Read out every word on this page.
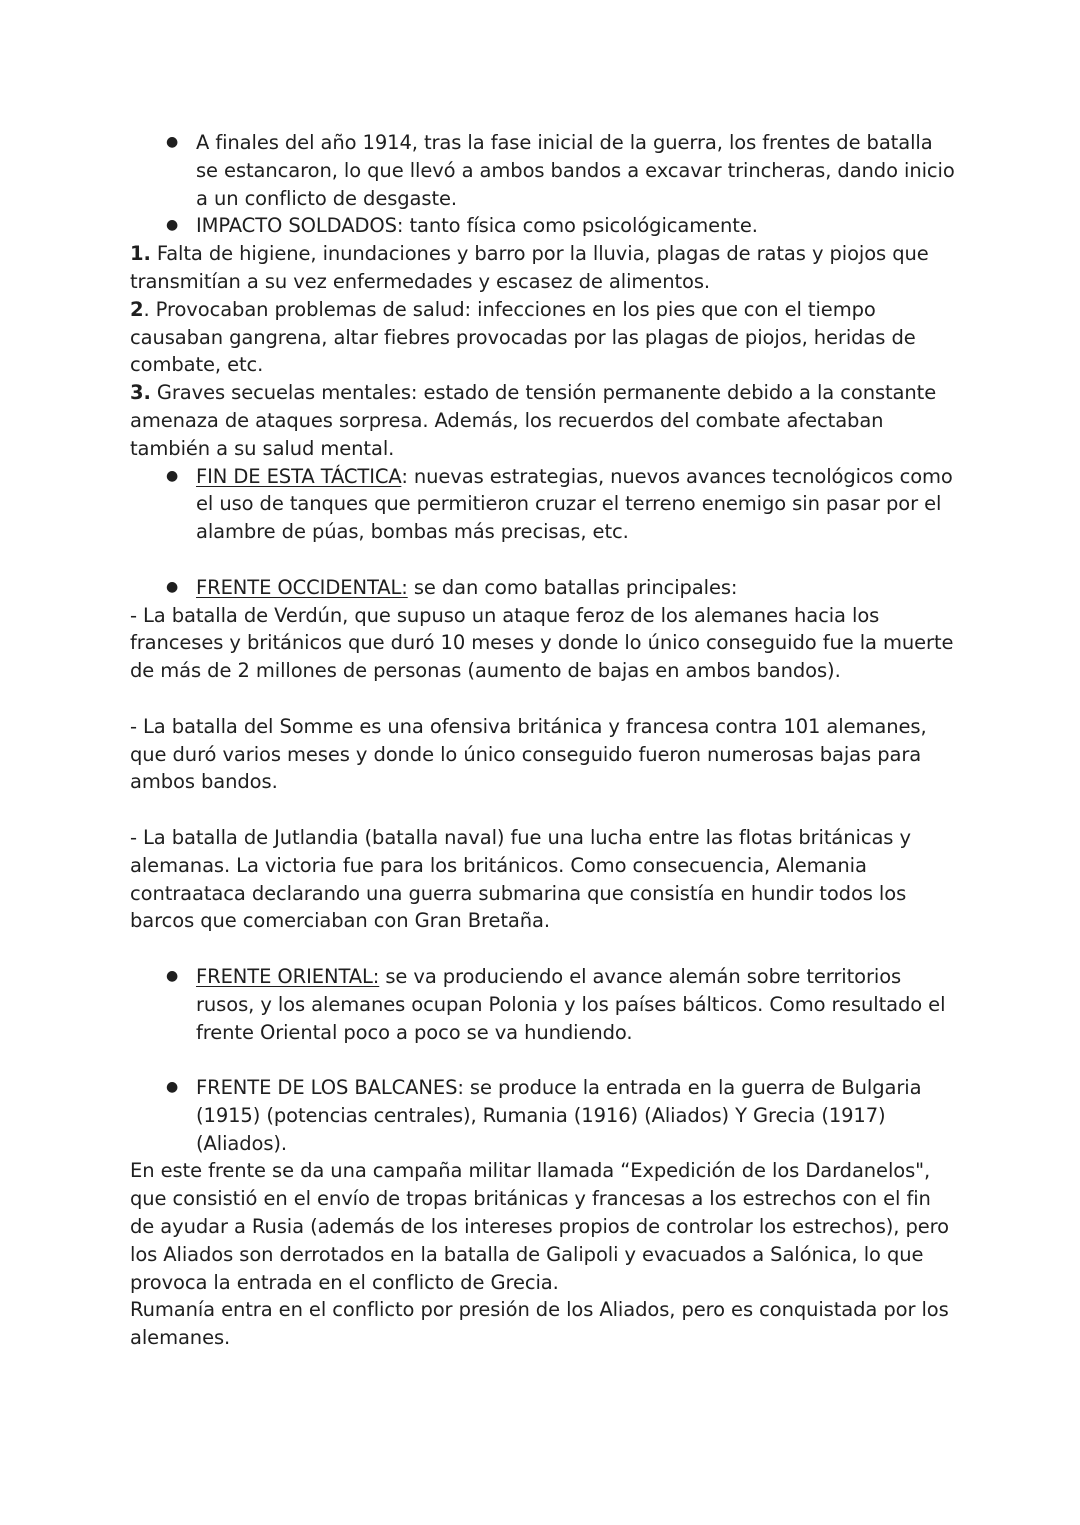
● A finales del año 1914, tras la fase inicial de la guerra, los frentes de batalla se estancaron, lo que llevó a ambos bandos a excavar trincheras, dando inicio a un conflicto de desgaste.

● IMPACTO SOLDADOS: tanto física como psicológicamente.

1. Falta de higiene, inundaciones y barro por la lluvia, plagas de ratas y piojos que transmitían a su vez enfermedades y escasez de alimentos.

2. Provocaban problemas de salud: infecciones en los pies que con el tiempo causaban gangrena, altar fiebres provocadas por las plagas de piojos, heridas de combate, etc.

3. Graves secuelas mentales: estado de tensión permanente debido a la constante amenaza de ataques sorpresa. Además, los recuerdos del combate afectaban también a su salud mental.

● FIN DE ESTA TÁCTICA: nuevas estrategias, nuevos avances tecnológicos como el uso de tanques que permitieron cruzar el terreno enemigo sin pasar por el alambre de púas, bombas más precisas, etc.

● FRENTE OCCIDENTAL: se dan como batallas principales:

- La batalla de Verdún, que supuso un ataque feroz de los alemanes hacia los franceses y británicos que duró 10 meses y donde lo único conseguido fue la muerte de más de 2 millones de personas (aumento de bajas en ambos bandos).

- La batalla del Somme es una ofensiva británica y francesa contra 101 alemanes, que duró varios meses y donde lo único conseguido fueron numerosas bajas para ambos bandos.

- La batalla de Jutlandia (batalla naval) fue una lucha entre las flotas británicas y alemanas. La victoria fue para los británicos. Como consecuencia, Alemania contraataca declarando una guerra submarina que consistía en hundir todos los barcos que comerciaban con Gran Bretaña.

● FRENTE ORIENTAL: se va produciendo el avance alemán sobre territorios rusos, y los alemanes ocupan Polonia y los países bálticos. Como resultado el frente Oriental poco a poco se va hundiendo.

● FRENTE DE LOS BALCANES: se produce la entrada en la guerra de Bulgaria (1915) (potencias centrales), Rumania (1916) (Aliados) Y Grecia (1917) (Aliados).

En este frente se da una campaña militar llamada “Expedición de los Dardanelos", que consistió en el envío de tropas británicas y francesas a los estrechos con el fin de ayudar a Rusia (además de los intereses propios de controlar los estrechos), pero los Aliados son derrotados en la batalla de Galipoli y evacuados a Salónica, lo que provoca la entrada en el conflicto de Grecia.

Rumanía entra en el conflicto por presión de los Aliados, pero es conquistada por los alemanes.
